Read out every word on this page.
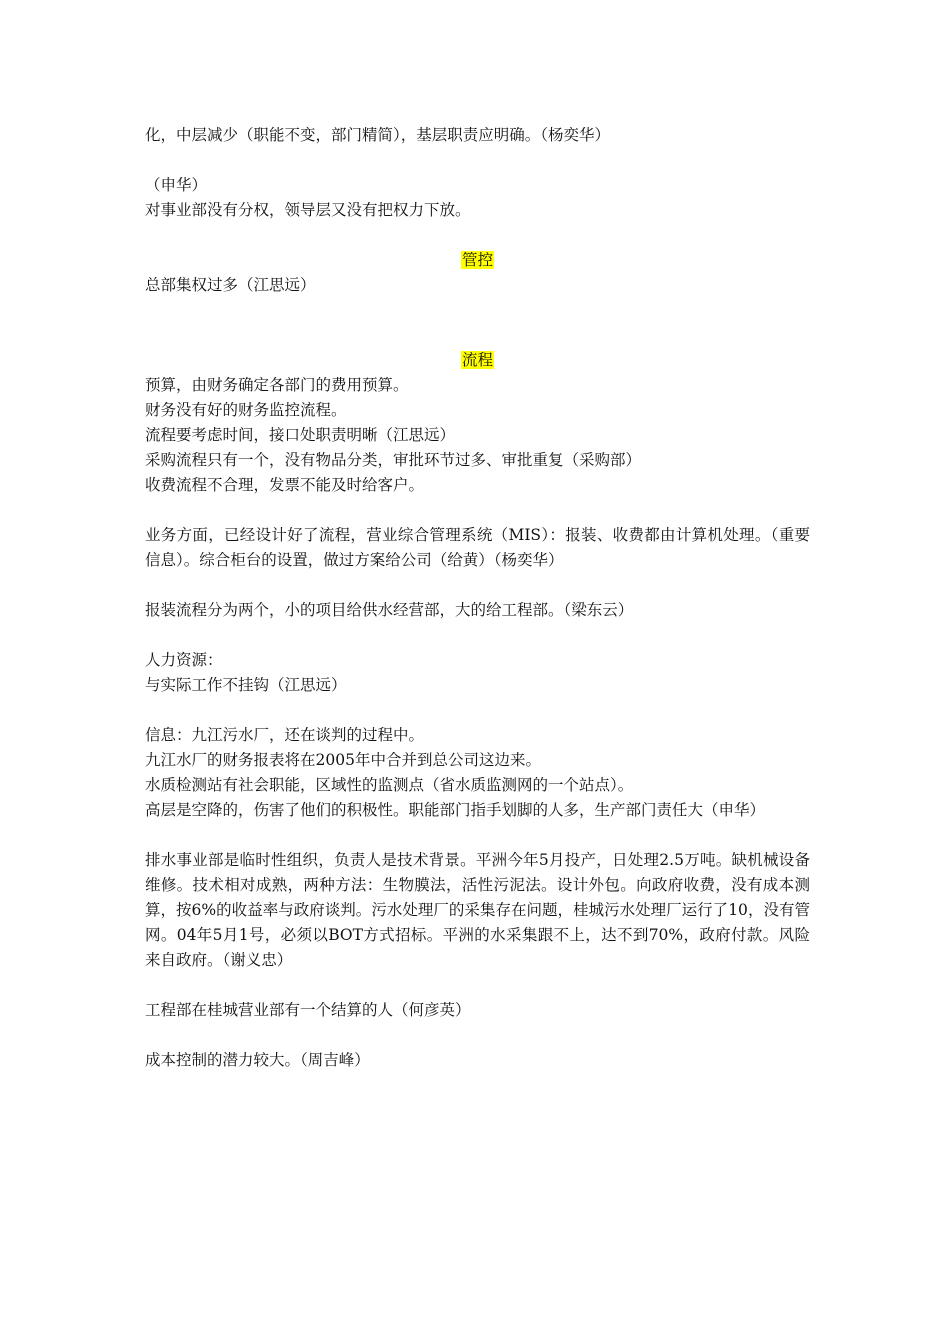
化，中层减少（职能不变，部门精简），基层职责应明确。（杨奕华）
（申华）
对事业部没有分权，领导层又没有把权力下放。
管控
总部集权过多（江思远）
流程
预算，由财务确定各部门的费用预算。
财务没有好的财务监控流程。
流程要考虑时间，接口处职责明晰（江思远）
采购流程只有一个，没有物品分类，审批环节过多、审批重复（采购部）
收费流程不合理，发票不能及时给客户。

业务方面，已经设计好了流程，营业综合管理系统（MIS）：报装、收费都由计算机处理。（重要信息）。综合柜台的设置，做过方案给公司（给黄）（杨奕华）

报装流程分为两个，小的项目给供水经营部，大的给工程部。（梁东云）
人力资源：
与实际工作不挂钩（江思远）
信息：九江污水厂，还在谈判的过程中。
九江水厂的财务报表将在2005年中合并到总公司这边来。
水质检测站有社会职能，区域性的监测点（省水质监测网的一个站点）。

高层是空降的，伤害了他们的积极性。职能部门指手划脚的人多，生产部门责任大（申华）

排水事业部是临时性组织，负责人是技术背景。平洲今年5月投产，日处理2.5万吨。缺机械设备维修。技术相对成熟，两种方法：生物膜法，活性污泥法。设计外包。向政府收费，没有成本测算，按6%的收益率与政府谈判。污水处理厂的采集存在问题，桂城污水处理厂运行了10，没有管网。04年5月1号，必须以BOT方式招标。平洲的水采集跟不上，达不到70%，政府付款。风险来自政府。（谢义忠）

工程部在桂城营业部有一个结算的人（何彦英）
成本控制的潜力较大。（周吉峰）
